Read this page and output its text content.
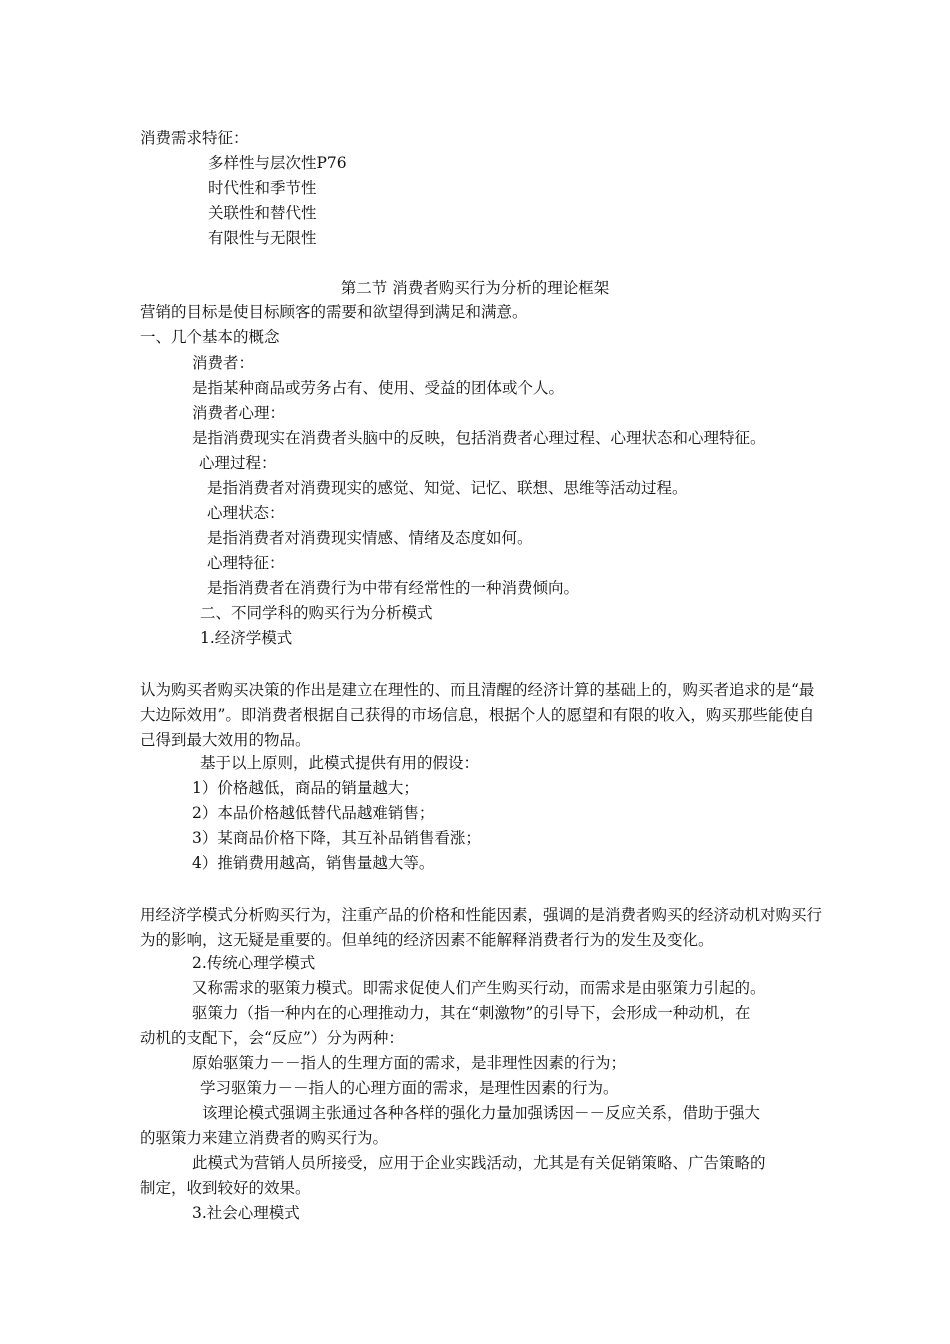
消费需求特征：
多样性与层次性P76
时代性和季节性
关联性和替代性
有限性与无限性
第二节 消费者购买行为分析的理论框架
营销的目标是使目标顾客的需要和欲望得到满足和满意。
一、几个基本的概念
消费者：
是指某种商品或劳务占有、使用、受益的团体或个人。
消费者心理：
是指消费现实在消费者头脑中的反映，包括消费者心理过程、心理状态和心理特征。
心理过程：
是指消费者对消费现实的感觉、知觉、记忆、联想、思维等活动过程。
心理状态：
是指消费者对消费现实情感、情绪及态度如何。
心理特征：
是指消费者在消费行为中带有经常性的一种消费倾向。
二、不同学科的购买行为分析模式
1.经济学模式
认为购买者购买决策的作出是建立在理性的、而且清醒的经济计算的基础上的，购买者追求的是“最大边际效用”。即消费者根据自己获得的市场信息，根据个人的愿望和有限的收入，购买那些能使自己得到最大效用的物品。
基于以上原则，此模式提供有用的假设：
1）价格越低，商品的销量越大；
2）本品价格越低替代品越难销售；
3）某商品价格下降，其互补品销售看涨；
4）推销费用越高，销售量越大等。
用经济学模式分析购买行为，注重产品的价格和性能因素，强调的是消费者购买的经济动机对购买行为的影响，这无疑是重要的。但单纯的经济因素不能解释消费者行为的发生及变化。
2.传统心理学模式
又称需求的驱策力模式。即需求促使人们产生购买行动，而需求是由驱策力引起的。
驱策力（指一种内在的心理推动力，其在“刺激物”的引导下，会形成一种动机，在
动机的支配下，会“反应”）分为两种：
原始驱策力－－指人的生理方面的需求，是非理性因素的行为；
学习驱策力－－指人的心理方面的需求，是理性因素的行为。
该理论模式强调主张通过各种各样的强化力量加强诱因－－反应关系，借助于强大
的驱策力来建立消费者的购买行为。
此模式为营销人员所接受，应用于企业实践活动，尤其是有关促销策略、广告策略的
制定，收到较好的效果。
3.社会心理模式
